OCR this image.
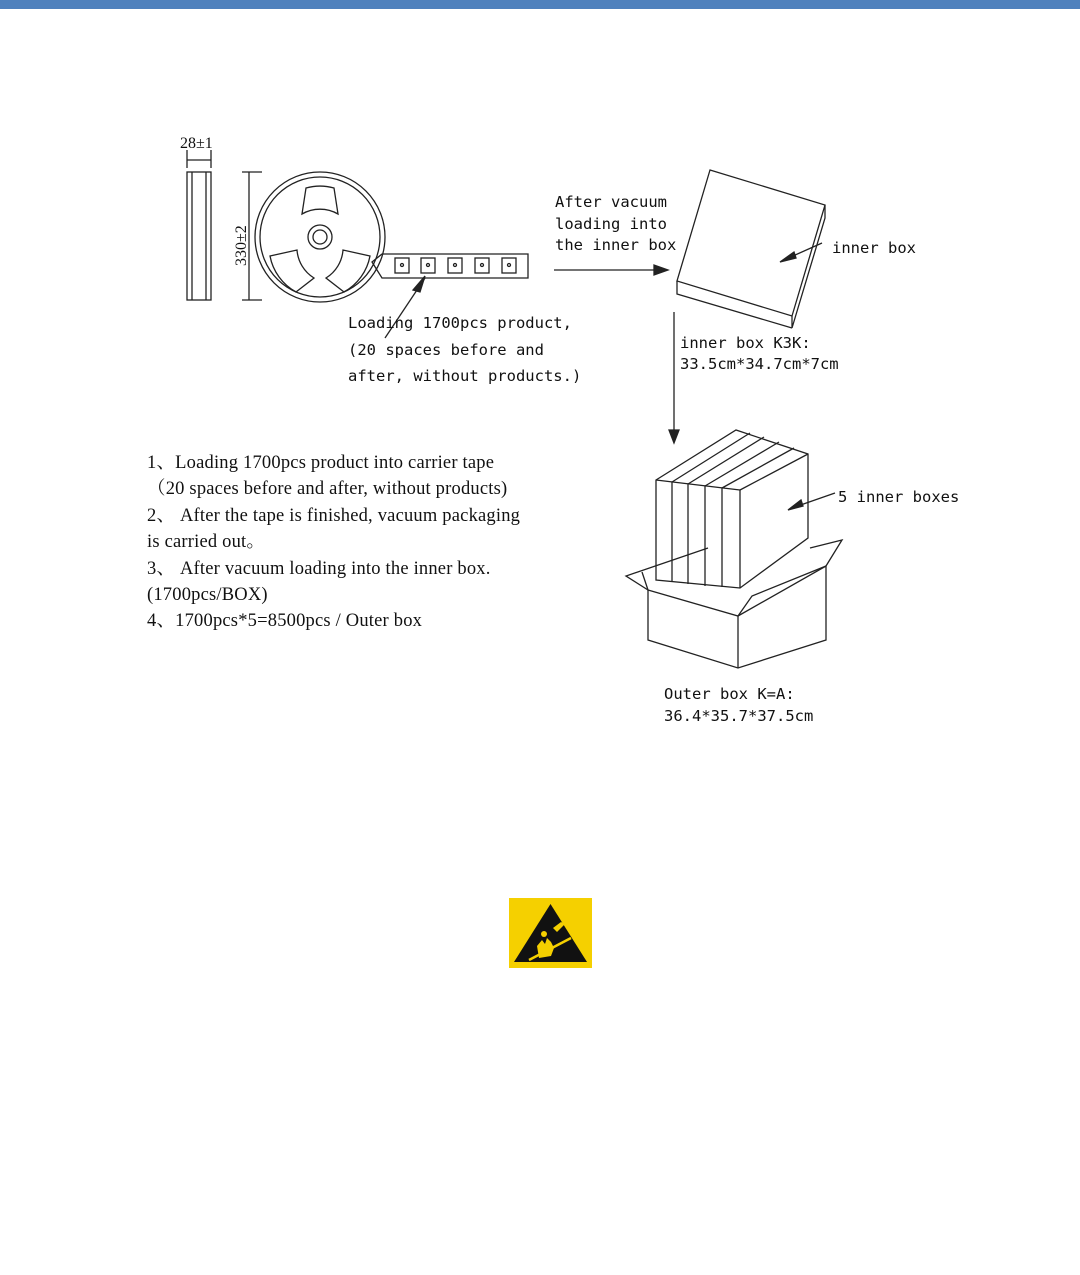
28±1
330±2
Loading 1700pcs product,
(20 spaces before and
after, without products.)
After vacuum
loading into
the inner box	inner box
inner box K3K:
33.5cm*34.7cm*7cm
5 inner boxes
Outer box K=A:
36.4*35.7*37.5cm
1、Loading 1700pcs product into carrier tape
（20 spaces before and after, without products)
2、 After the tape is finished, vacuum packaging
is carried out。
3、 After vacuum loading into the inner box.
(1700pcs/BOX)
4、1700pcs*5=8500pcs / Outer box
